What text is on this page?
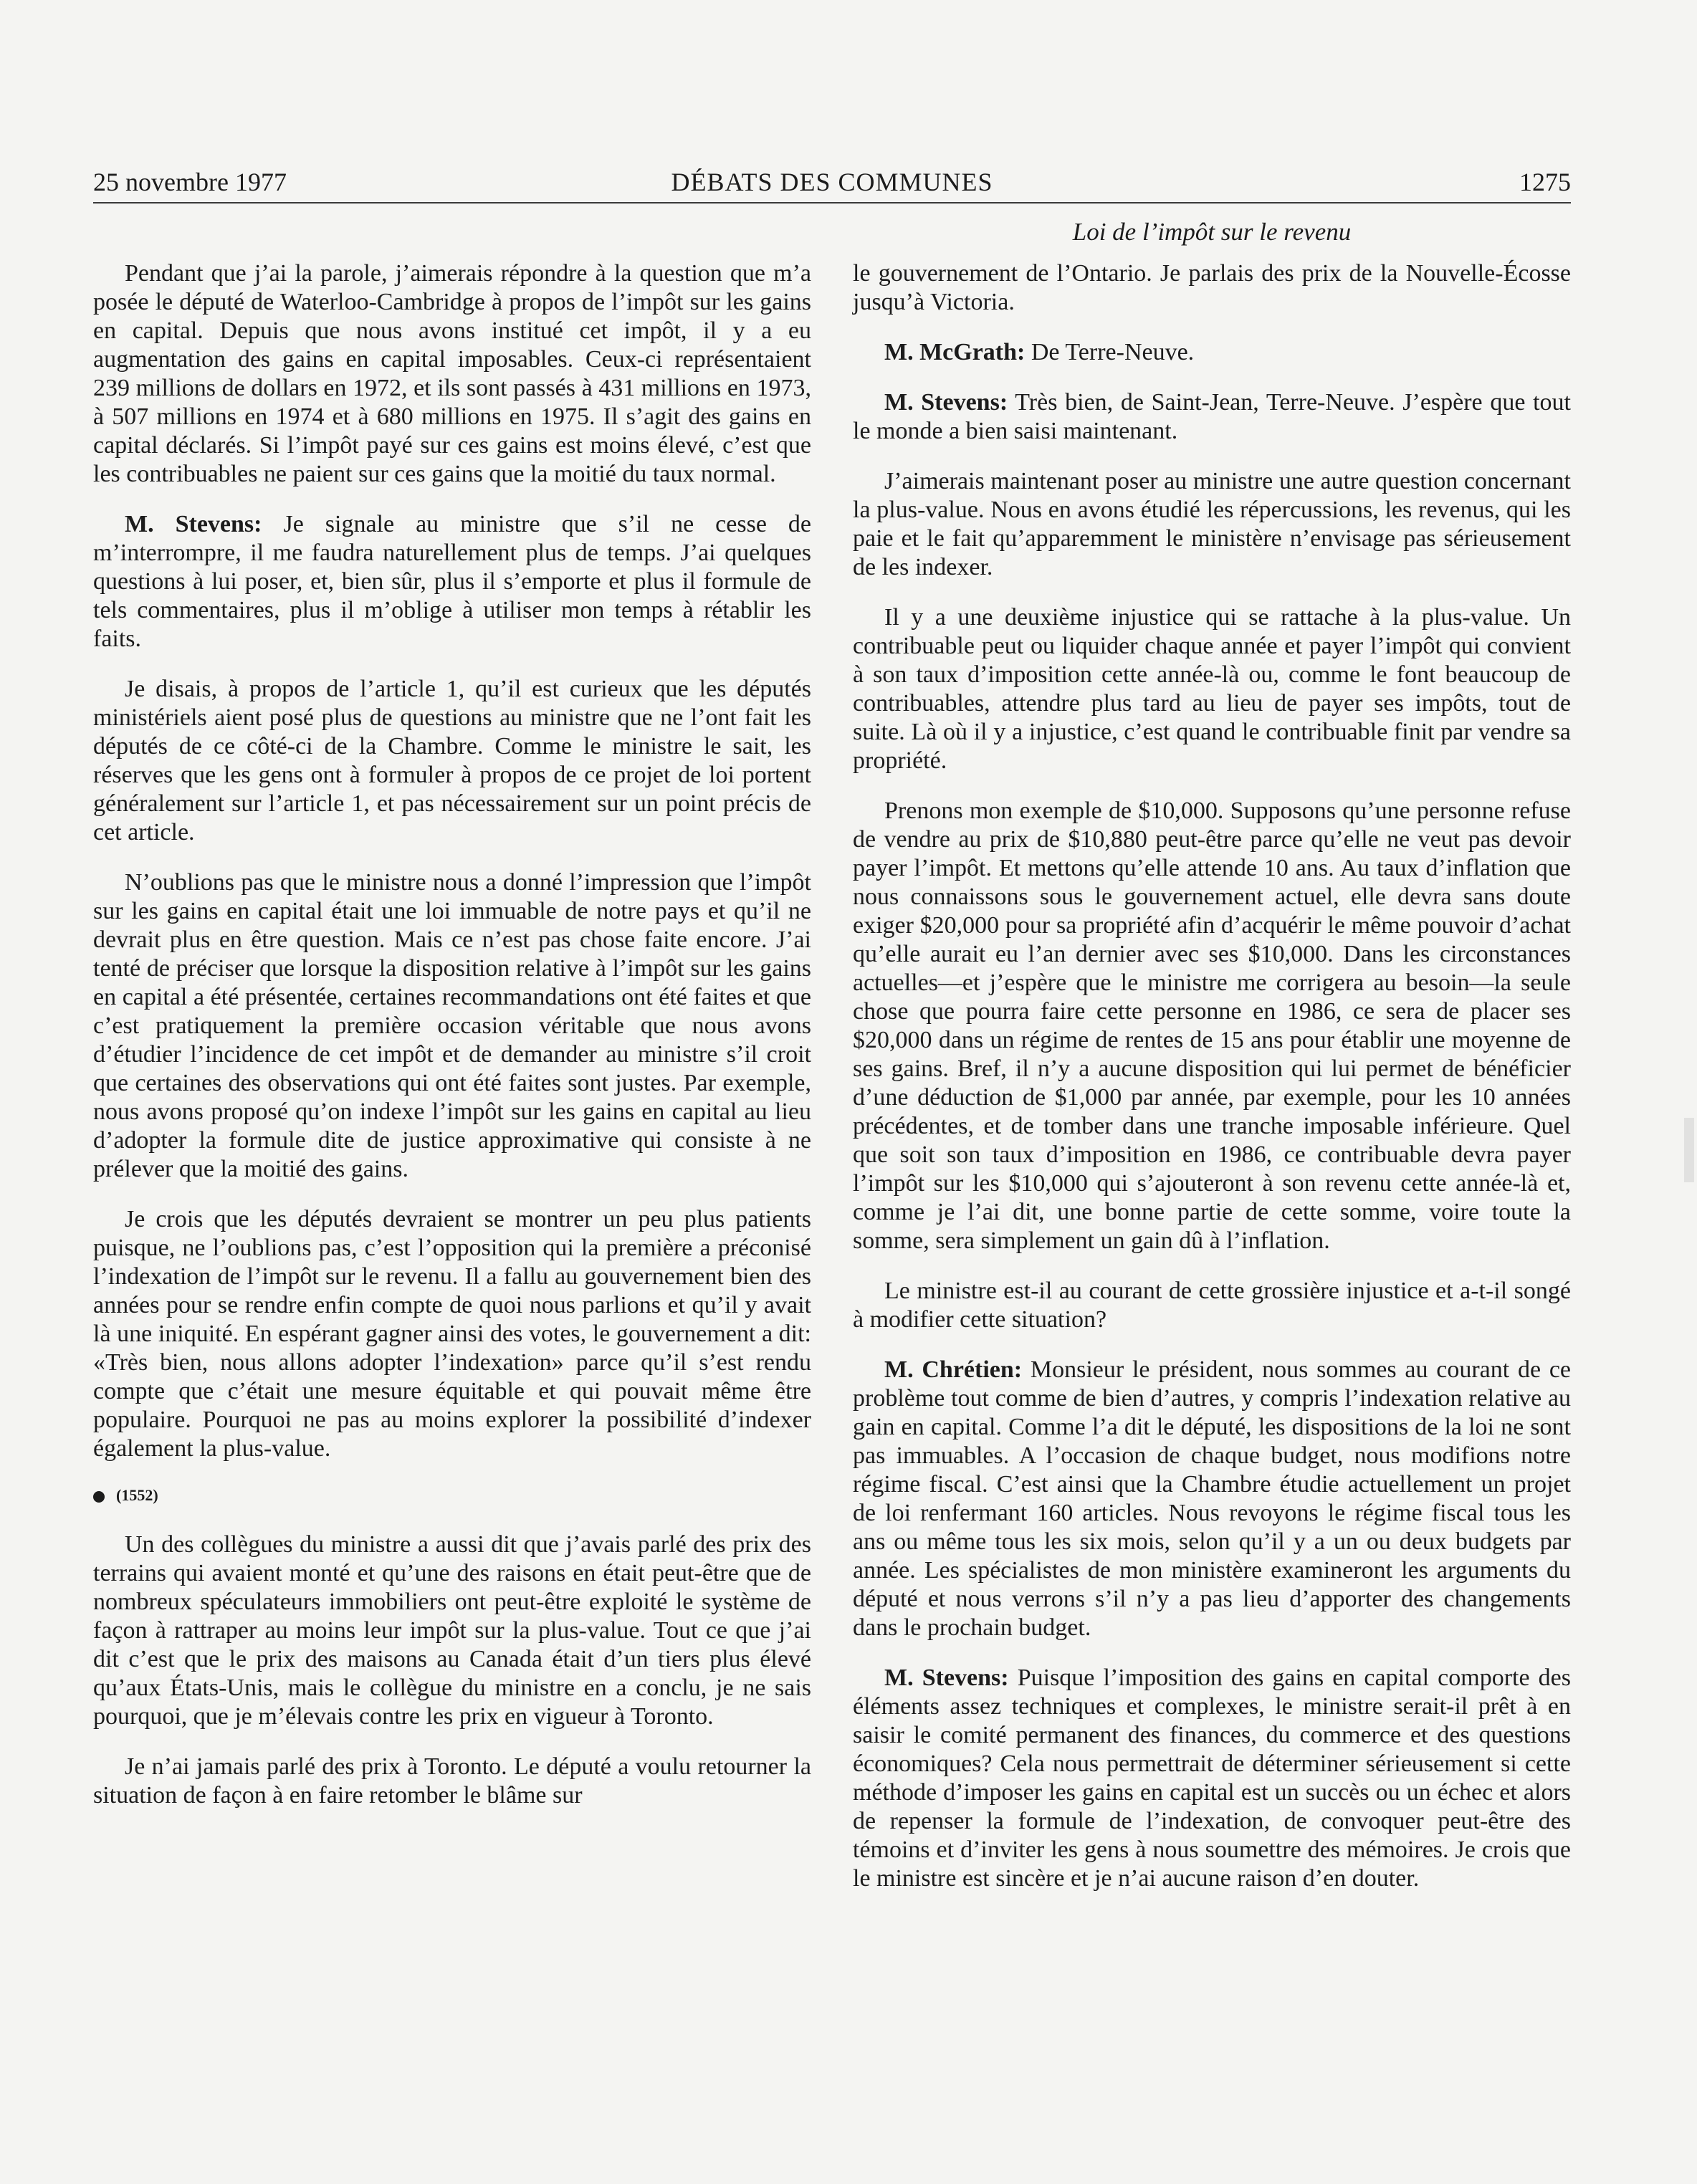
25 novembre 1977	DÉBATS DES COMMUNES	1275
Loi de l’impôt sur le revenu

Pendant que j’ai la parole, j’aimerais répondre à la question que m’a posée le député de Waterloo-Cambridge à propos de l’impôt sur les gains en capital. Depuis que nous avons institué cet impôt, il y a eu augmentation des gains en capital imposables. Ceux-ci représentaient 239 millions de dollars en 1972, et ils sont passés à 431 millions en 1973, à 507 millions en 1974 et à 680 millions en 1975. Il s’agit des gains en capital déclarés. Si l’impôt payé sur ces gains est moins élevé, c’est que les contribuables ne paient sur ces gains que la moitié du taux normal.

M. Stevens: Je signale au ministre que s’il ne cesse de m’interrompre, il me faudra naturellement plus de temps. J’ai quelques questions à lui poser, et, bien sûr, plus il s’emporte et plus il formule de tels commentaires, plus il m’oblige à utiliser mon temps à rétablir les faits.

Je disais, à propos de l’article 1, qu’il est curieux que les députés ministériels aient posé plus de questions au ministre que ne l’ont fait les députés de ce côté-ci de la Chambre. Comme le ministre le sait, les réserves que les gens ont à formuler à propos de ce projet de loi portent généralement sur l’article 1, et pas nécessairement sur un point précis de cet article.

N’oublions pas que le ministre nous a donné l’impression que l’impôt sur les gains en capital était une loi immuable de notre pays et qu’il ne devrait plus en être question. Mais ce n’est pas chose faite encore. J’ai tenté de préciser que lorsque la disposition relative à l’impôt sur les gains en capital a été présentée, certaines recommandations ont été faites et que c’est pratiquement la première occasion véritable que nous avons d’étudier l’incidence de cet impôt et de demander au ministre s’il croit que certaines des observations qui ont été faites sont justes. Par exemple, nous avons proposé qu’on indexe l’impôt sur les gains en capital au lieu d’adopter la formule dite de justice approximative qui consiste à ne prélever que la moitié des gains.

Je crois que les députés devraient se montrer un peu plus patients puisque, ne l’oublions pas, c’est l’opposition qui la première a préconisé l’indexation de l’impôt sur le revenu. Il a fallu au gouvernement bien des années pour se rendre enfin compte de quoi nous parlions et qu’il y avait là une iniquité. En espérant gagner ainsi des votes, le gouvernement a dit: «Très bien, nous allons adopter l’indexation» parce qu’il s’est rendu compte que c’était une mesure équitable et qui pouvait même être populaire. Pourquoi ne pas au moins explorer la possibilité d’indexer également la plus-value.

(1552)

Un des collègues du ministre a aussi dit que j’avais parlé des prix des terrains qui avaient monté et qu’une des raisons en était peut-être que de nombreux spéculateurs immobiliers ont peut-être exploité le système de façon à rattraper au moins leur impôt sur la plus-value. Tout ce que j’ai dit c’est que le prix des maisons au Canada était d’un tiers plus élevé qu’aux États-Unis, mais le collègue du ministre en a conclu, je ne sais pourquoi, que je m’élevais contre les prix en vigueur à Toronto.

Je n’ai jamais parlé des prix à Toronto. Le député a voulu retourner la situation de façon à en faire retomber le blâme sur

le gouvernement de l’Ontario. Je parlais des prix de la Nouvelle-Écosse jusqu’à Victoria.

M. McGrath: De Terre-Neuve.

M. Stevens: Très bien, de Saint-Jean, Terre-Neuve. J’espère que tout le monde a bien saisi maintenant.

J’aimerais maintenant poser au ministre une autre question concernant la plus-value. Nous en avons étudié les répercussions, les revenus, qui les paie et le fait qu’apparemment le ministère n’envisage pas sérieusement de les indexer.

Il y a une deuxième injustice qui se rattache à la plus-value. Un contribuable peut ou liquider chaque année et payer l’impôt qui convient à son taux d’imposition cette année-là ou, comme le font beaucoup de contribuables, attendre plus tard au lieu de payer ses impôts, tout de suite. Là où il y a injustice, c’est quand le contribuable finit par vendre sa propriété.

Prenons mon exemple de $10,000. Supposons qu’une personne refuse de vendre au prix de $10,880 peut-être parce qu’elle ne veut pas devoir payer l’impôt. Et mettons qu’elle attende 10 ans. Au taux d’inflation que nous connaissons sous le gouvernement actuel, elle devra sans doute exiger $20,000 pour sa propriété afin d’acquérir le même pouvoir d’achat qu’elle aurait eu l’an dernier avec ses $10,000. Dans les circonstances actuelles—et j’espère que le ministre me corrigera au besoin—la seule chose que pourra faire cette personne en 1986, ce sera de placer ses $20,000 dans un régime de rentes de 15 ans pour établir une moyenne de ses gains. Bref, il n’y a aucune disposition qui lui permet de bénéficier d’une déduction de $1,000 par année, par exemple, pour les 10 années précédentes, et de tomber dans une tranche imposable inférieure. Quel que soit son taux d’imposition en 1986, ce contribuable devra payer l’impôt sur les $10,000 qui s’ajouteront à son revenu cette année-là et, comme je l’ai dit, une bonne partie de cette somme, voire toute la somme, sera simplement un gain dû à l’inflation.

Le ministre est-il au courant de cette grossière injustice et a-t-il songé à modifier cette situation?

M. Chrétien: Monsieur le président, nous sommes au courant de ce problème tout comme de bien d’autres, y compris l’indexation relative au gain en capital. Comme l’a dit le député, les dispositions de la loi ne sont pas immuables. A l’occasion de chaque budget, nous modifions notre régime fiscal. C’est ainsi que la Chambre étudie actuellement un projet de loi renfermant 160 articles. Nous revoyons le régime fiscal tous les ans ou même tous les six mois, selon qu’il y a un ou deux budgets par année. Les spécialistes de mon ministère examineront les arguments du député et nous verrons s’il n’y a pas lieu d’apporter des changements dans le prochain budget.

M. Stevens: Puisque l’imposition des gains en capital comporte des éléments assez techniques et complexes, le ministre serait-il prêt à en saisir le comité permanent des finances, du commerce et des questions économiques? Cela nous permettrait de déterminer sérieusement si cette méthode d’imposer les gains en capital est un succès ou un échec et alors de repenser la formule de l’indexation, de convoquer peut-être des témoins et d’inviter les gens à nous soumettre des mémoires. Je crois que le ministre est sincère et je n’ai aucune raison d’en douter.
